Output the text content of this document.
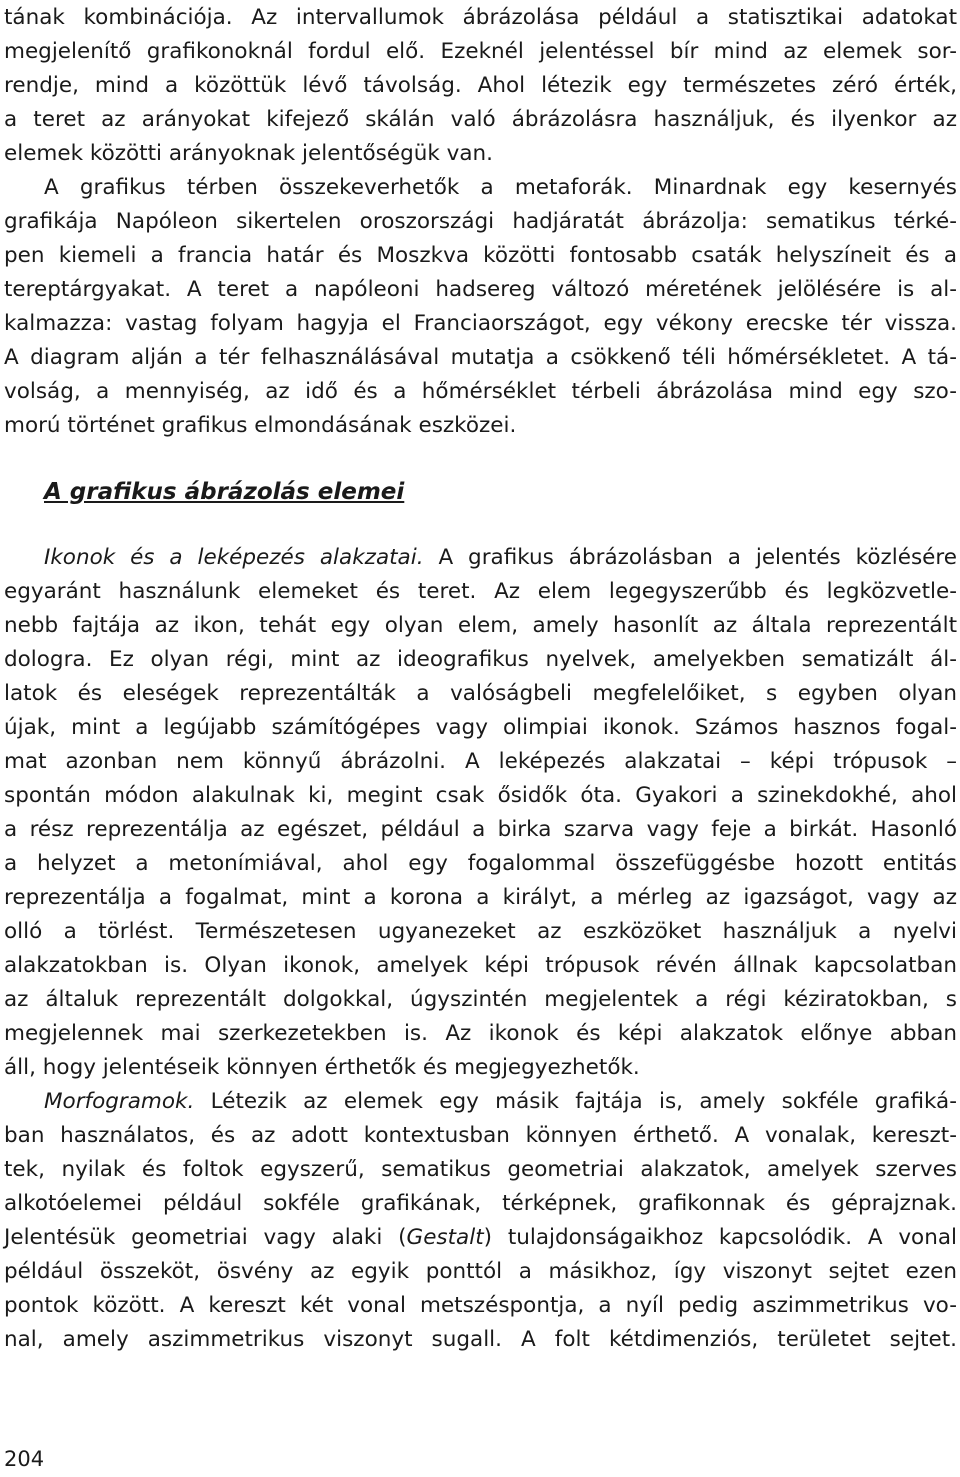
tának kombinációja. Az intervallumok ábrázolása például a statisztikai adatokat
megjelenítő grafikonoknál fordul elő. Ezeknél jelentéssel bír mind az elemek sor-
rendje, mind a közöttük lévő távolság. Ahol létezik egy természetes zéró érték,
a teret az arányokat kifejező skálán való ábrázolásra használjuk, és ilyenkor az
elemek közötti arányoknak jelentőségük van.
A grafikus térben összekeverhetők a metaforák. Minardnak egy kesernyés
grafikája Napóleon sikertelen oroszországi hadjáratát ábrázolja: sematikus térké-
pen kiemeli a francia határ és Moszkva közötti fontosabb csaták helyszíneit és a
tereptárgyakat. A teret a napóleoni hadsereg változó méretének jelölésére is al-
kalmazza: vastag folyam hagyja el Franciaországot, egy vékony erecske tér vissza.
A diagram alján a tér felhasználásával mutatja a csökkenő téli hőmérsékletet. A tá-
volság, a mennyiség, az idő és a hőmérséklet térbeli ábrázolása mind egy szo-
morú történet grafikus elmondásának eszközei.
A grafikus ábrázolás elemei
Ikonok és a leképezés alakzatai. A grafikus ábrázolásban a jelentés közlésére
egyaránt használunk elemeket és teret. Az elem legegyszerűbb és legközvetle-
nebb fajtája az ikon, tehát egy olyan elem, amely hasonlít az általa reprezentált
dologra. Ez olyan régi, mint az ideografikus nyelvek, amelyekben sematizált ál-
latok és eleségek reprezentálták a valóságbeli megfelelőiket, s egyben olyan
újak, mint a legújabb számítógépes vagy olimpiai ikonok. Számos hasznos fogal-
mat azonban nem könnyű ábrázolni. A leképezés alakzatai – képi trópusok –
spontán módon alakulnak ki, megint csak ősidők óta. Gyakori a szinekdokhé, ahol
a rész reprezentálja az egészet, például a birka szarva vagy feje a birkát. Hasonló
a helyzet a metonímiával, ahol egy fogalommal összefüggésbe hozott entitás
reprezentálja a fogalmat, mint a korona a királyt, a mérleg az igazságot, vagy az
olló a törlést. Természetesen ugyanezeket az eszközöket használjuk a nyelvi
alakzatokban is. Olyan ikonok, amelyek képi trópusok révén állnak kapcsolatban
az általuk reprezentált dolgokkal, úgyszintén megjelentek a régi kéziratokban, s
megjelennek mai szerkezetekben is. Az ikonok és képi alakzatok előnye abban
áll, hogy jelentéseik könnyen érthetők és megjegyezhetők.
Morfogramok. Létezik az elemek egy másik fajtája is, amely sokféle grafiká-
ban használatos, és az adott kontextusban könnyen érthető. A vonalak, kereszt-
tek, nyilak és foltok egyszerű, sematikus geometriai alakzatok, amelyek szerves
alkotóelemei például sokféle grafikának, térképnek, grafikonnak és géprajznak.
Jelentésük geometriai vagy alaki (Gestalt) tulajdonságaikhoz kapcsolódik. A vonal
például összeköt, ösvény az egyik ponttól a másikhoz, így viszonyt sejtet ezen
pontok között. A kereszt két vonal metszéspontja, a nyíl pedig aszimmetrikus vo-
nal, amely aszimmetrikus viszonyt sugall. A folt kétdimenziós, területet sejtet.
204
